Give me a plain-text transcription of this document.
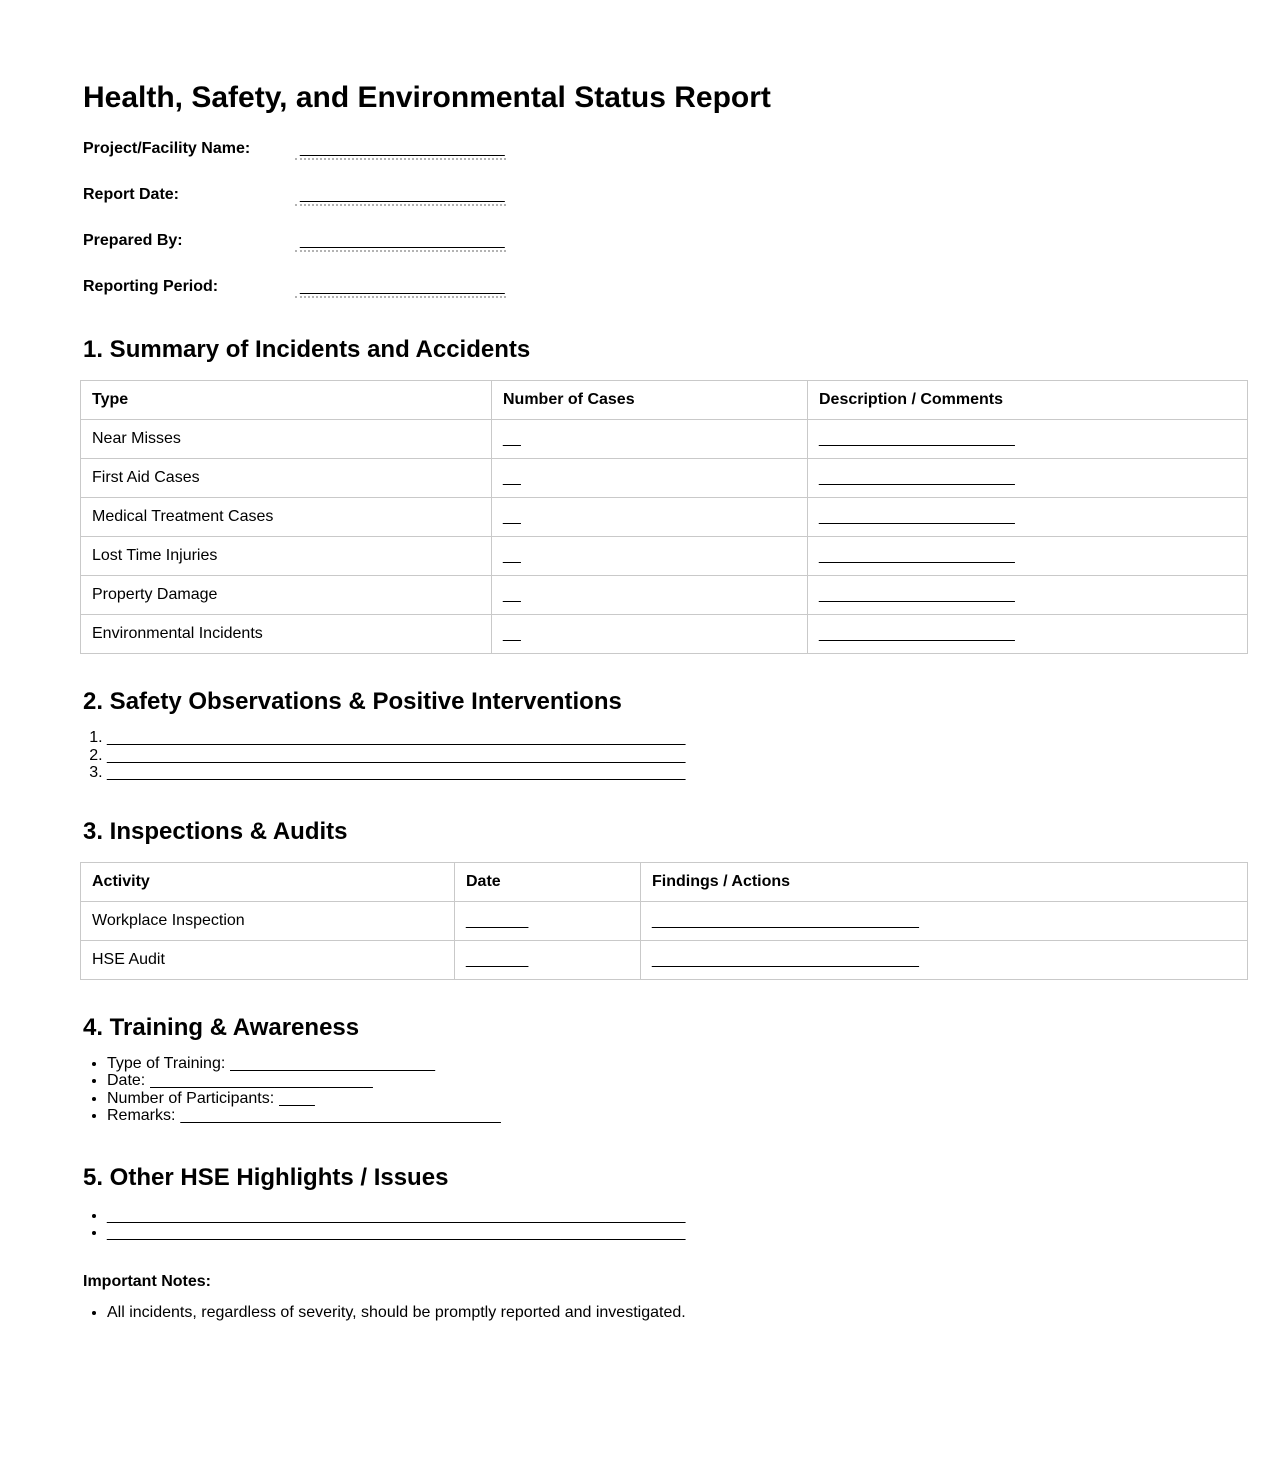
Health, Safety, and Environmental Status Report
Project/Facility Name:	_______________________
Report Date:	_______________________
Prepared By:	_______________________
Reporting Period:	_______________________
1. Summary of Incidents and Accidents
Type	Number of Cases	Description / Comments
Near Misses	__	______________________
First Aid Cases	__	______________________
Medical Treatment Cases	__	______________________
Lost Time Injuries	__	______________________
Property Damage	__	______________________
Environmental Incidents	__	______________________
2. Safety Observations & Positive Interventions
1. _________________________________________________________________
2. _________________________________________________________________
3. _________________________________________________________________
3. Inspections & Audits
Activity	Date	Findings / Actions
Workplace Inspection	_______	______________________________
HSE Audit	_______	______________________________
4. Training & Awareness
• Type of Training: _______________________
• Date: _________________________
• Number of Participants: ____
• Remarks: ____________________________________
5. Other HSE Highlights / Issues
• _________________________________________________________________
• _________________________________________________________________
Important Notes:
• All incidents, regardless of severity, should be promptly reported and investigated.
